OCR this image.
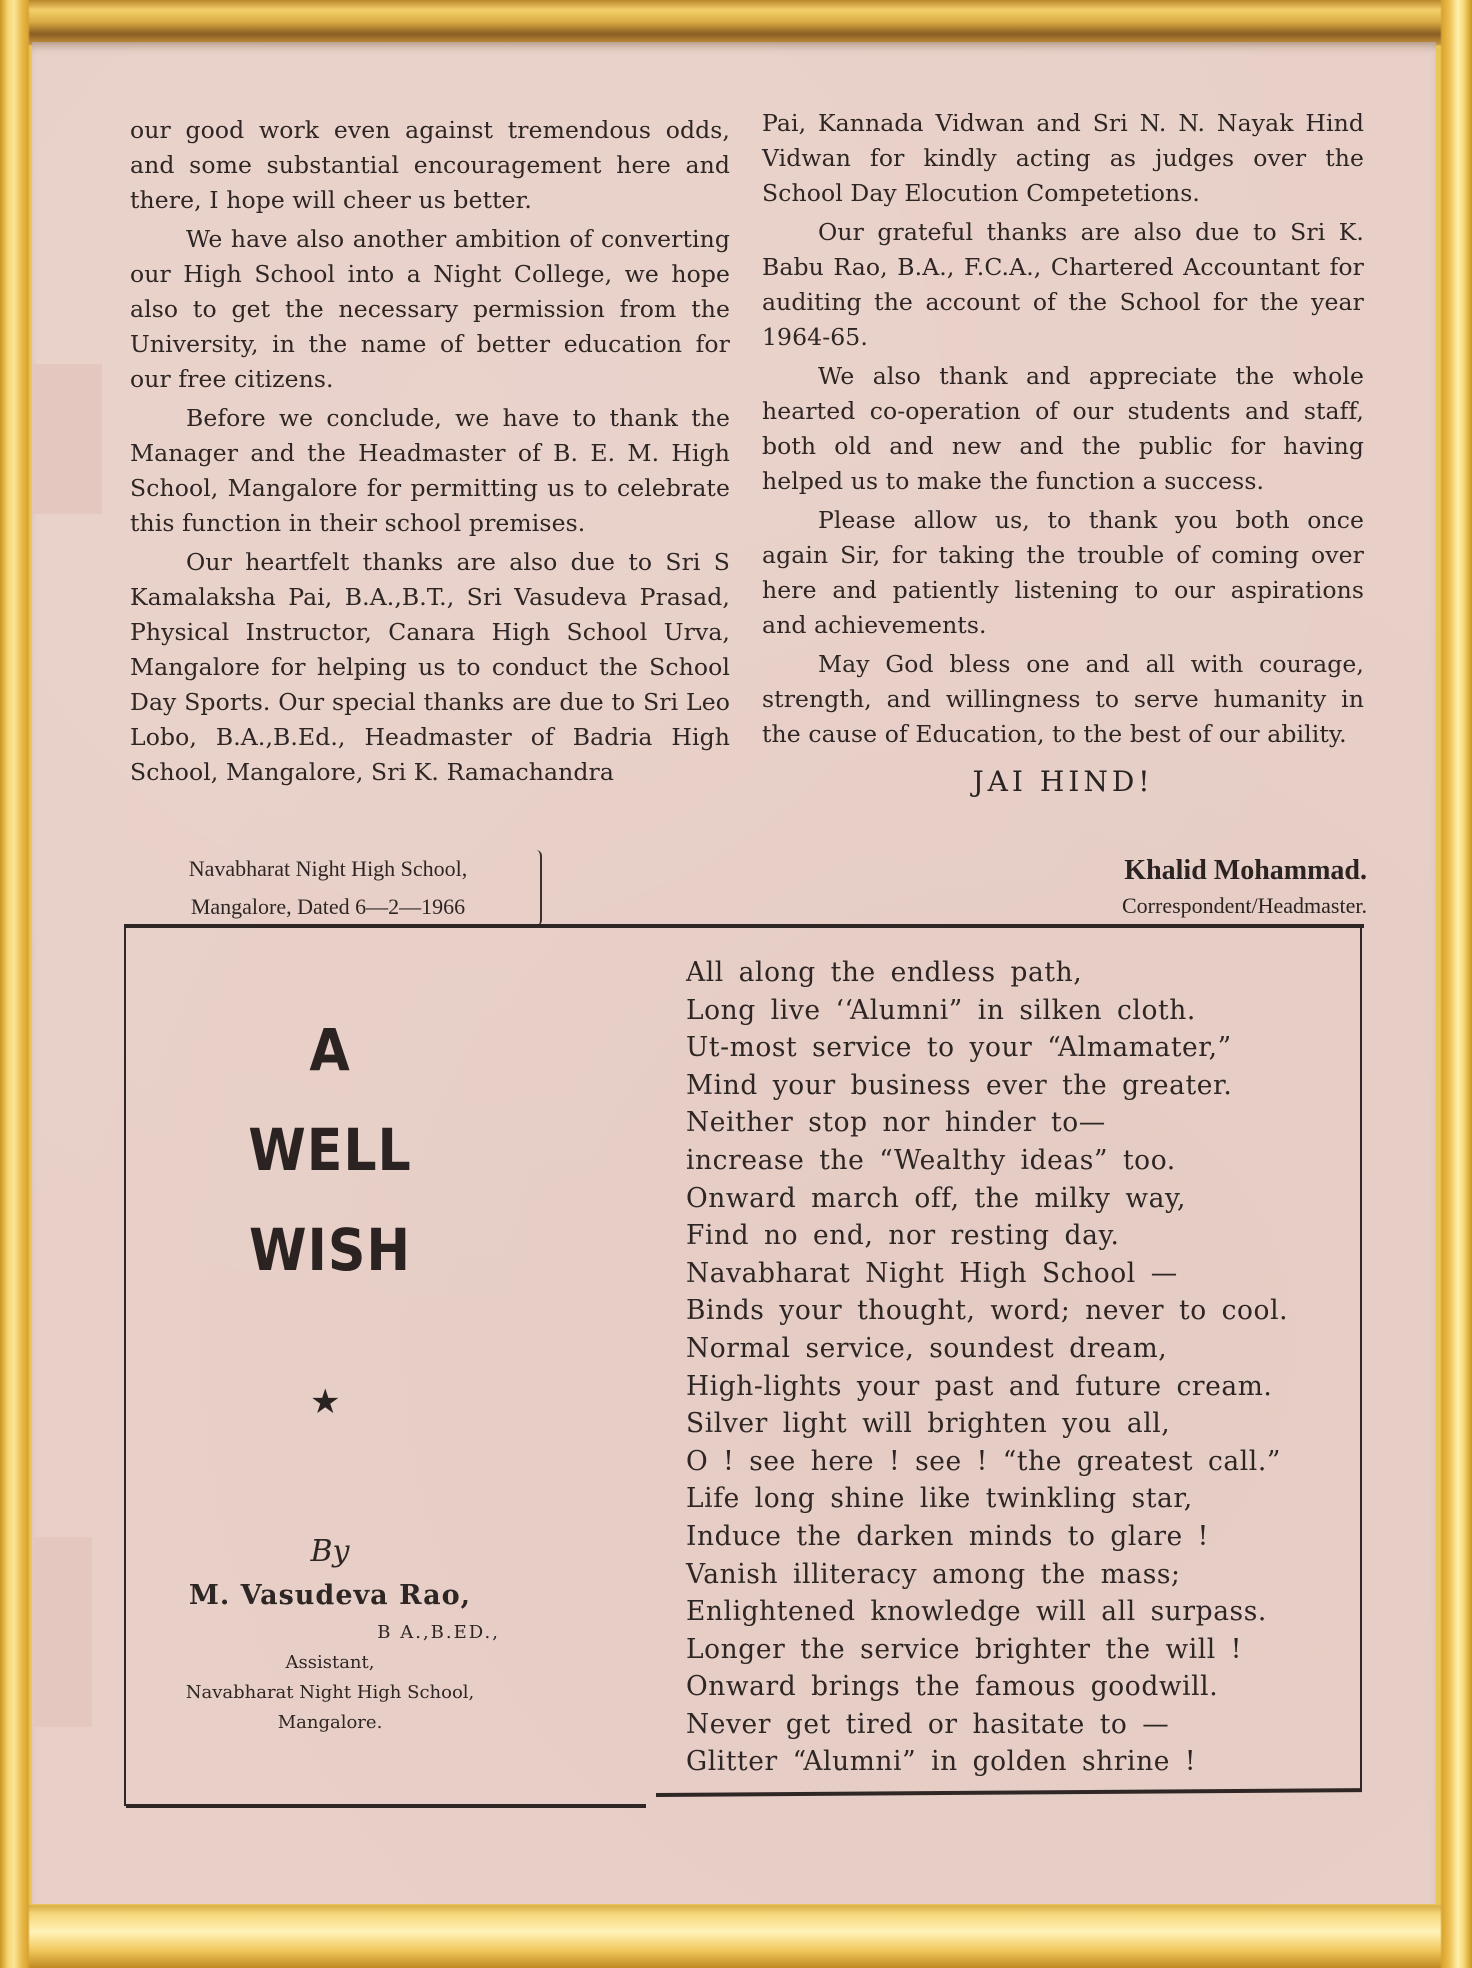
our good work even against tremendous odds, and some substantial encouragement here and there, I hope will cheer us better.

We have also another ambition of converting our High School into a Night College, we hope also to get the necessary permission from the University, in the name of better education for our free citizens.

Before we conclude, we have to thank the Manager and the Headmaster of B. E. M. High School, Mangalore for permitting us to celebrate this function in their school premises.

Our heartfelt thanks are also due to Sri S Kamalaksha Pai, B.A.,B.T., Sri Vasudeva Prasad, Physical Instructor, Canara High School Urva, Mangalore for helping us to conduct the School Day Sports. Our special thanks are due to Sri Leo Lobo, B.A.,B.Ed., Headmaster of Badria High School, Mangalore, Sri K. Ramachandra

Pai, Kannada Vidwan and Sri N. N. Nayak Hind Vidwan for kindly acting as judges over the School Day Elocution Competetions.

Our grateful thanks are also due to Sri K. Babu Rao, B.A., F.C.A., Chartered Accountant for auditing the account of the School for the year 1964-65.

We also thank and appreciate the whole hearted co-operation of our students and staff, both old and new and the public for having helped us to make the function a success.

Please allow us, to thank you both once again Sir, for taking the trouble of coming over here and patiently listening to our aspirations and achievements.

May God bless one and all with courage, strength, and willingness to serve humanity in the cause of Education, to the best of our ability.

JAI HIND!
Navabharat Night High School,
Mangalore, Dated 6—2—1966
Khalid Mohammad.
Correspondent/Headmaster.
A
WELL
WISH
★
By
M. Vasudeva Rao,
B A.,B.ED.,
Assistant,
Navabharat Night High School,
Mangalore.
All along the endless path,
Long live ‘‘Alumni” in silken cloth.
Ut-most service to your “Almamater,”
Mind your business ever the greater.
Neither stop nor hinder to—
increase the “Wealthy ideas” too.
Onward march off, the milky way,
Find no end, nor resting day.
Navabharat Night High School —
Binds your thought, word; never to cool.
Normal service, soundest dream,
High-lights your past and future cream.
Silver light will brighten you all,
O ! see here ! see ! “the greatest call.”
Life long shine like twinkling star,
Induce the darken minds to glare !
Vanish illiteracy among the mass;
Enlightened knowledge will all surpass.
Longer the service brighter the will !
Onward brings the famous goodwill.
Never get tired or hasitate to —
Glitter “Alumni” in golden shrine !
